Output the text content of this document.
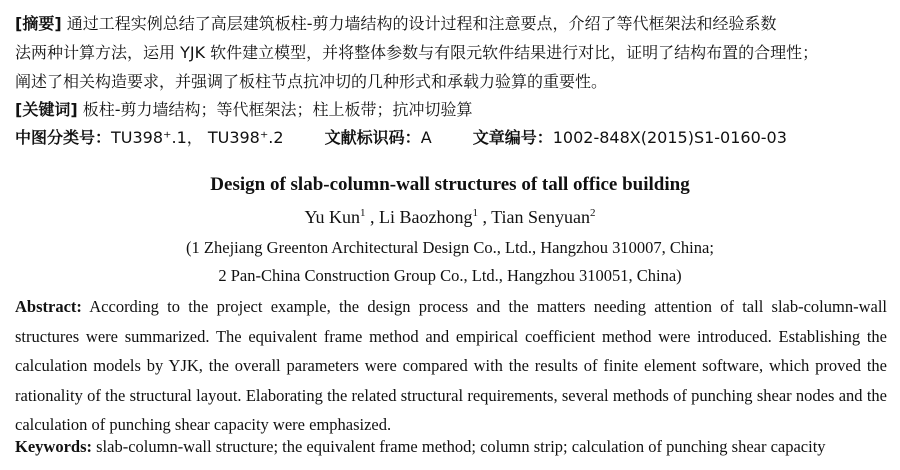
[摘要] 通过工程实例总结了高层建筑板柱-剪力墙结构的设计过程和注意要点，介绍了等代框架法和经验系数
法两种计算方法，运用 YJK 软件建立模型，并将整体参数与有限元软件结果进行对比，证明了结构布置的合理性；
阐述了相关构造要求，并强调了板柱节点抗冲切的几种形式和承载力验算的重要性。
[关键词] 板柱-剪力墙结构；等代框架法；柱上板带；抗冲切验算
中图分类号：TU398⁺.1， TU398⁺.2	文献标识码：A	文章编号：1002-848X(2015)S1-0160-03
Design of slab-column-wall structures of tall office building
Yu Kun$^1$ , Li Baozhong$^1$ , Tian Senyuan$^2$
(1 Zhejiang Greenton Architectural Design Co., Ltd., Hangzhou 310007, China;
2 Pan-China Construction Group Co., Ltd., Hangzhou 310051, China)

Abstract: According to the project example, the design process and the matters needing attention of tall slab-column-wall structures were summarized. The equivalent frame method and empirical coefficient method were introduced. Establishing the calculation models by YJK, the overall parameters were compared with the results of finite element software, which proved the rationality of the structural layout. Elaborating the related structural requirements, several methods of punching shear nodes and the calculation of punching shear capacity were emphasized.

Keywords: slab-column-wall structure; the equivalent frame method; column strip; calculation of punching shear capacity
